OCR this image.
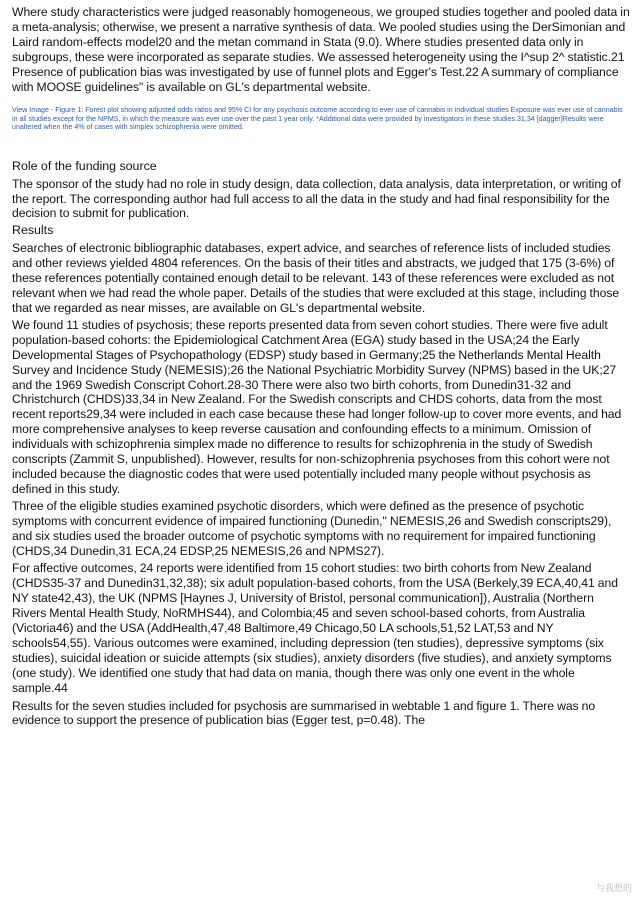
Where study characteristics were judged reasonably homogeneous, we grouped studies together and pooled data in a meta-analysis; otherwise, we present a narrative synthesis of data. We pooled studies using the DerSimonian and Laird random-effects model20 and the metan command in Stata (9.0). Where studies presented data only in subgroups, these were incorporated as separate studies. We assessed heterogeneity using the I^sup 2^ statistic.21 Presence of publication bias was investigated by use of funnel plots and Egger's Test.22 A summary of compliance with MOOSE guidelines" is available on GL's departmental website.

View Image - Figure 1: Forest plot showing adjusted odds ratios and 95% CI for any psychosis outcome according to ever use of cannabis in individual studies Exposure was ever use of cannabis in all studies except for the NPMS, in which the measure was ever use over the past 1 year only. *Additional data were provided by investigators in these studies.31,34 [dagger]Results were unaltered when the 4% of cases with simplex schizophrenia were omitted.

Role of the funding source

The sponsor of the study had no role in study design, data collection, data analysis, data interpretation, or writing of the report. The corresponding author had full access to all the data in the study and had final responsibility for the decision to submit for publication.

Results

Searches of electronic bibliographic databases, expert advice, and searches of reference lists of included studies and other reviews yielded 4804 references. On the basis of their titles and abstracts, we judged that 175 (3-6%) of these references potentially contained enough detail to be relevant. 143 of these references were excluded as not relevant when we had read the whole paper. Details of the studies that were excluded at this stage, including those that we regarded as near misses, are available on GL's departmental website.

We found 11 studies of psychosis; these reports presented data from seven cohort studies. There were five adult population-based cohorts: the Epidemiological Catchment Area (EGA) study based in the USA;24 the Early Developmental Stages of Psychopathology (EDSP) study based in Germany;25 the Netherlands Mental Health Survey and Incidence Study (NEMESIS);26 the National Psychiatric Morbidity Survey (NPMS) based in the UK;27 and the 1969 Swedish Conscript Cohort.28-30 There were also two birth cohorts, from Dunedin31-32 and Christchurch (CHDS)33,34 in New Zealand. For the Swedish conscripts and CHDS cohorts, data from the most recent reports29,34 were included in each case because these had longer follow-up to cover more events, and had more comprehensive analyses to keep reverse causation and confounding effects to a minimum. Omission of individuals with schizophrenia simplex made no difference to results for schizophrenia in the study of Swedish conscripts (Zammit S, unpublished). However, results for non-schizophrenia psychoses from this cohort were not included because the diagnostic codes that were used potentially included many people without psychosis as defined in this study.

Three of the eligible studies examined psychotic disorders, which were defined as the presence of psychotic symptoms with concurrent evidence of impaired functioning (Dunedin," NEMESIS,26 and Swedish conscripts29), and six studies used the broader outcome of psychotic symptoms with no requirement for impaired functioning (CHDS,34 Dunedin,31 ECA,24 EDSP,25 NEMESIS,26 and NPMS27).

For affective outcomes, 24 reports were identified from 15 cohort studies: two birth cohorts from New Zealand (CHDS35-37 and Dunedin31,32,38); six adult population-based cohorts, from the USA (Berkely,39 ECA,40,41 and NY state42,43), the UK (NPMS [Haynes J, University of Bristol, personal communication]), Australia (Northern Rivers Mental Health Study, NoRMHS44), and Colombia;45 and seven school-based cohorts, from Australia (Victoria46) and the USA (AddHealth,47,48 Baltimore,49 Chicago,50 LA schools,51,52 LAT,53 and NY schools54,55). Various outcomes were examined, including depression (ten studies), depressive symptoms (six studies), suicidal ideation or suicide attempts (six studies), anxiety disorders (five studies), and anxiety symptoms (one study). We identified one study that had data on mania, though there was only one event in the whole sample.44

Results for the seven studies included for psychosis are summarised in webtable 1 and figure 1. There was no evidence to support the presence of publication bias (Egger test, p=0.48). The

与我想的
